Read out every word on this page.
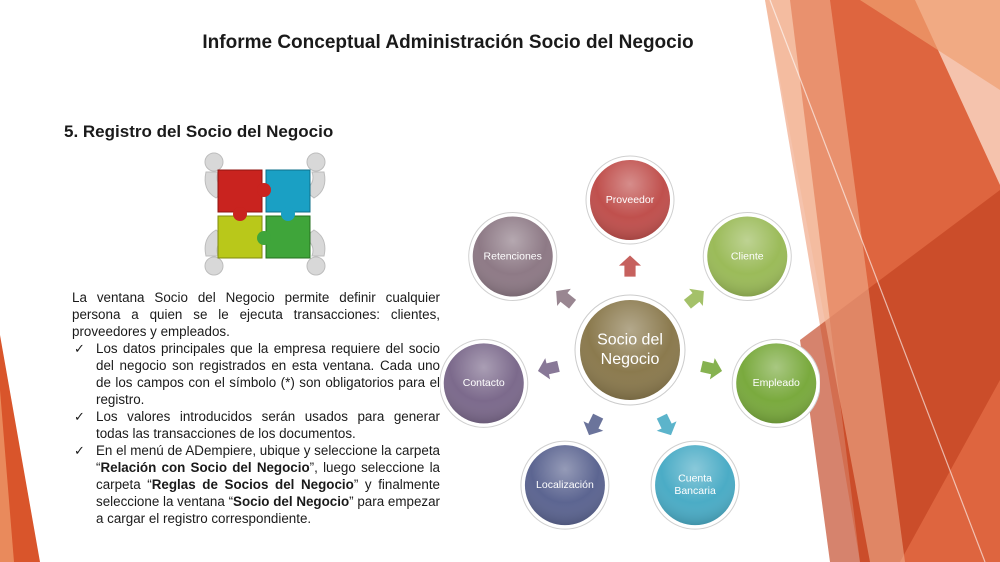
Informe Conceptual Administración Socio del Negocio
5. Registro del Socio del Negocio

La ventana Socio del Negocio permite definir cualquier persona a quien se le ejecuta transacciones: clientes, proveedores y empleados.

✓ Los datos principales que la empresa requiere del socio del negocio son registrados en esta ventana. Cada uno de los campos con el símbolo (*) son obligatorios para el registro.
✓ Los valores introducidos serán usados para generar todas las transacciones de los documentos.
✓ En el menú de ADempiere, ubique y seleccione la carpeta “Relación con Socio del Negocio”, luego seleccione la carpeta “Reglas de Socios del Negocio” y finalmente seleccione la ventana “Socio del Negocio” para empezar a cargar el registro correspondiente.
Proveedor
Cliente
Empleado
Cuenta
Bancaria
Localización
Contacto
Retenciones
Socio del
Negocio
